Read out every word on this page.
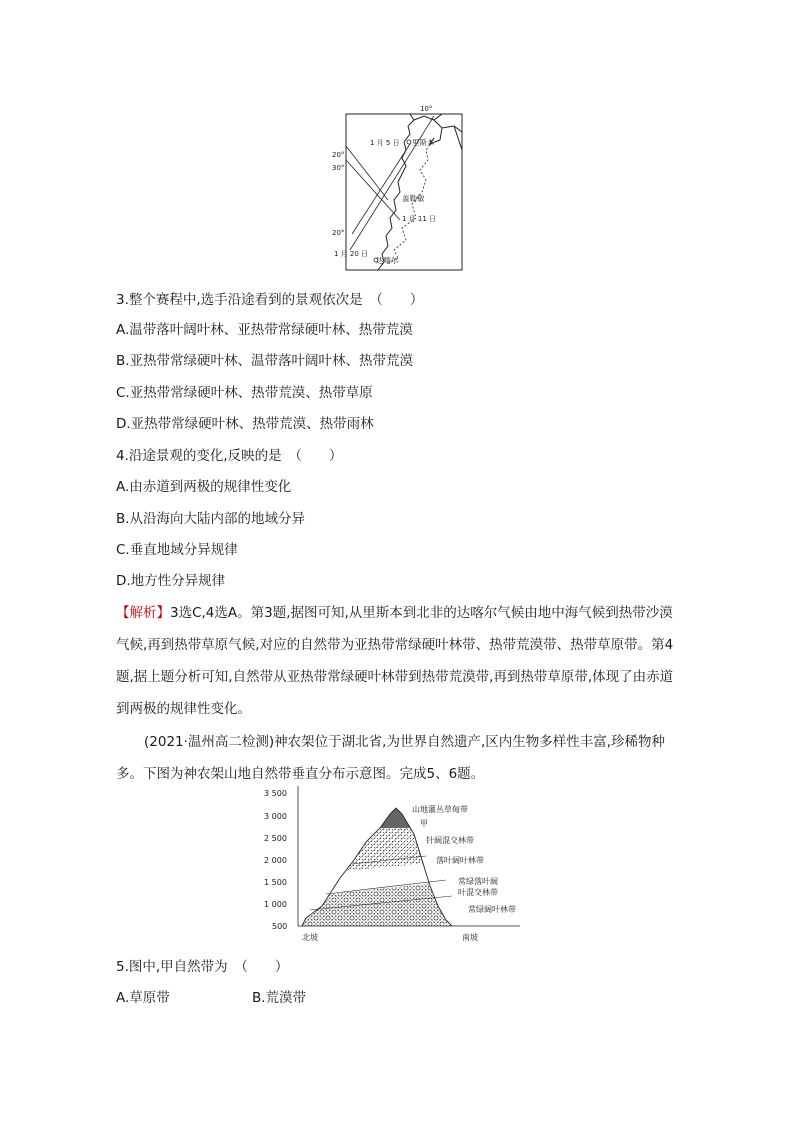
10°
20°
30°
20°
1 月 5 日 里斯本
盖勒敏
1 月 11 日
1 月 20 日
达喀尔
3.整个赛程中,选手沿途看到的景观依次是　（　　）
A.温带落叶阔叶林、亚热带常绿硬叶林、热带荒漠
B.亚热带常绿硬叶林、温带落叶阔叶林、热带荒漠
C.亚热带常绿硬叶林、热带荒漠、热带草原
D.亚热带常绿硬叶林、热带荒漠、热带雨林
4.沿途景观的变化,反映的是　（　　）
A.由赤道到两极的规律性变化
B.从沿海向大陆内部的地域分异
C.垂直地域分异规律
D.地方性分异规律
【解析】3选C,4选A。第3题,据图可知,从里斯本到北非的达喀尔气候由地中海气候到热带沙漠气候,再到热带草原气候,对应的自然带为亚热带常绿硬叶林带、热带荒漠带、热带草原带。第4题,据上题分析可知,自然带从亚热带常绿硬叶林带到热带荒漠带,再到热带草原带,体现了由赤道到两极的规律性变化。
(2021·温州高二检测)神农架位于湖北省,为世界自然遗产,区内生物多样性丰富,珍稀物种多。下图为神农架山地自然带垂直分布示意图。完成5、6题。
3 500
3 000
2 500
2 000
1 500
1 000
500
山地灌丛草甸带
甲
针阔混交林带
落叶阔叶林带
常绿落叶阔
叶混交林带
常绿阔叶林带
北坡	南坡
5.图中,甲自然带为　（　　）
A.草原带	B.荒漠带
